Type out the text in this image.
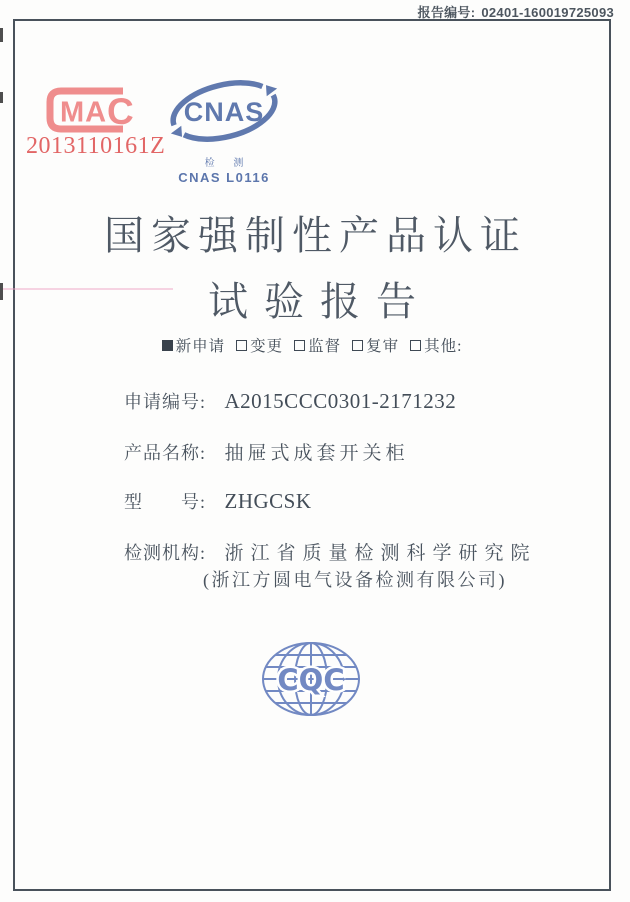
报告编号: 02401-160019725093
MA C
2013110161Z
CNAS
检 测
CNAS L0116
国家强制性产品认证
试验报告
新申请 变更 监督 复审 其他:
申请编号: A2015CCC0301-2171232
产品名称: 抽屉式成套开关柜
型　　号: ZHGCSK
检测机构: 浙江省质量检测科学研究院
(浙江方圆电气设备检测有限公司)
CQC
